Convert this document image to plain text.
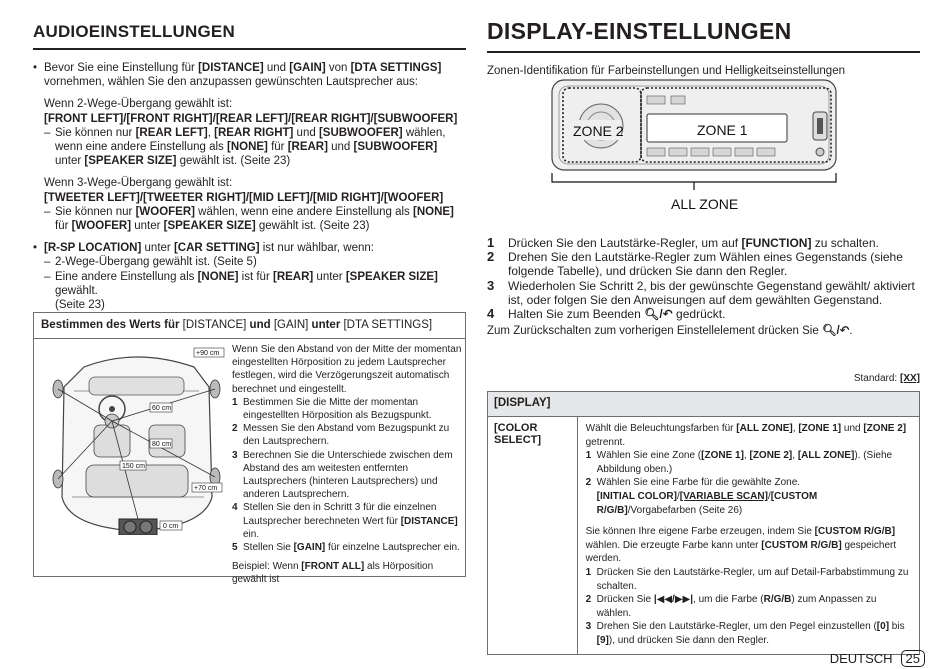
AUDIOEINSTELLUNGEN
• Bevor Sie eine Einstellung für [DISTANCE] und [GAIN] von [DTA SETTINGS] vornehmen, wählen Sie den anzupassen gewünschten Lautsprecher aus:
Wenn 2-Wege-Übergang gewählt ist:
[FRONT LEFT]/[FRONT RIGHT]/[REAR LEFT]/[REAR RIGHT]/[SUBWOOFER]
– Sie können nur [REAR LEFT], [REAR RIGHT] und [SUBWOOFER] wählen, wenn eine andere Einstellung als [NONE] für [REAR] und [SUBWOOFER] unter [SPEAKER SIZE] gewählt ist. (Seite 23)
Wenn 3-Wege-Übergang gewählt ist:
[TWEETER LEFT]/[TWEETER RIGHT]/[MID LEFT]/[MID RIGHT]/[WOOFER]
– Sie können nur [WOOFER] wählen, wenn eine andere Einstellung als [NONE] für [WOOFER] unter [SPEAKER SIZE] gewählt ist. (Seite 23)
• [R-SP LOCATION] unter [CAR SETTING] ist nur wählbar, wenn:
– 2-Wege-Übergang gewählt ist. (Seite 5)
– Eine andere Einstellung als [NONE] ist für [REAR] unter [SPEAKER SIZE] gewählt.
(Seite 23)
Bestimmen des Werts für [DISTANCE] und [GAIN] unter [DTA SETTINGS]
+90 cm
60 cm
80 cm
150 cm
+70 cm
0 cm
Wenn Sie den Abstand von der Mitte der momentan eingestellten Hörposition zu jedem Lautsprecher festlegen, wird die Verzögerungszeit automatisch berechnet und eingestellt.
1 Bestimmen Sie die Mitte der momentan eingestellten Hörposition als Bezugspunkt.
2 Messen Sie den Abstand vom Bezugspunkt zu den Lautsprechern.
3 Berechnen Sie die Unterschiede zwischen dem Abstand des am weitesten entfernten Lautsprechers (hinteren Lautsprechers) und anderen Lautsprechern.
4 Stellen Sie den in Schritt 3 für die einzelnen Lautsprecher berechneten Wert für [DISTANCE] ein.
5 Stellen Sie [GAIN] für einzelne Lautsprecher ein.
Beispiel: Wenn [FRONT ALL] als Hörposition gewählt ist
DISPLAY-EINSTELLUNGEN
Zonen-Identifikation für Farbeinstellungen und Helligkeitseinstellungen
ZONE 2	ZONE 1
ALL ZONE
1 Drücken Sie den Lautstärke-Regler, um auf [FUNCTION] zu schalten.
2 Drehen Sie den Lautstärke-Regler zum Wählen eines Gegenstands (siehe folgende Tabelle), und drücken Sie dann den Regler.
3 Wiederholen Sie Schritt 2, bis der gewünschte Gegenstand gewählt/ aktiviert ist, oder folgen Sie den Anweisungen auf dem gewählten Gegenstand.
4 Halten Sie zum Beenden 🔍︎/↶ gedrückt.
Zum Zurückschalten zum vorherigen Einstellelement drücken Sie 🔍︎/↶.
Standard: [XX]
[DISPLAY]
[COLOR SELECT]
Wählt die Beleuchtungsfarben für [ALL ZONE], [ZONE 1] und [ZONE 2] getrennt.
1 Wählen Sie eine Zone ([ZONE 1], [ZONE 2], [ALL ZONE]). (Siehe Abbildung oben.)
2 Wählen Sie eine Farbe für die gewählte Zone.
[INITIAL COLOR]/[VARIABLE SCAN]/[CUSTOM R/G/B]/Vorgabefarben (Seite 26)
Sie können Ihre eigene Farbe erzeugen, indem Sie [CUSTOM R/G/B] wählen. Die erzeugte Farbe kann unter [CUSTOM R/G/B] gespeichert werden.
1 Drücken Sie den Lautstärke-Regler, um auf Detail-Farbabstimmung zu schalten.
2 Drücken Sie |◀◀/▶▶|, um die Farbe (R/G/B) zum Anpassen zu wählen.
3 Drehen Sie den Lautstärke-Regler, um den Pegel einzustellen ([0] bis [9]), und drücken Sie dann den Regler.
DEUTSCH	25
